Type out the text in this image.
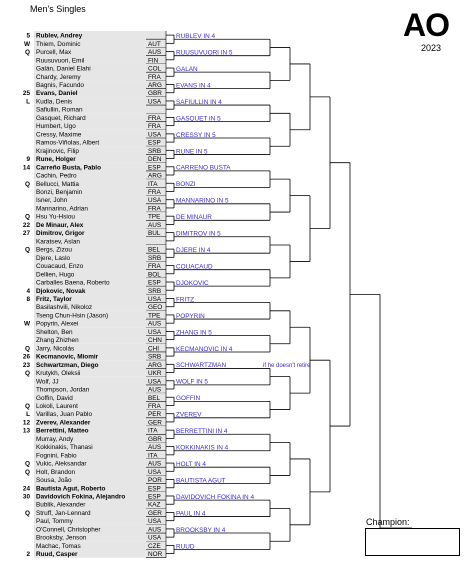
Men's Singles	AO
2023
5 Rublev, Andrey
W Thiem, Dominic	AUT
Q Purcell, Max	AUS
Ruusuvuori, Emil	FIN
Galán, Daniel Elahi	COL
Chardy, Jeremy	FRA
Bagnis, Facundo	ARG
25 Evans, Daniel	GBR
L Kudla, Denis	USA
Safiullin, Roman
Gasquet, Richard	FRA
Humbert, Ugo	FRA
Cressy, Maxime	USA
Ramos-Viñolas, Albert	ESP
Krajinovic, Filip	SRB
9 Rune, Holger	DEN
14 Carreño Busta, Pablo	ESP
Cachin, Pedro	ARG
Q Bellucci, Mattia	ITA
Bonzi, Benjamin	FRA
Isner, John	USA
Mannarino, Adrian	FRA
Q Hsu Yu-Hsiou	TPE
22 De Minaur, Alex	AUS
27 Dimitrov, Grigor	BUL
Karatsev, Aslan
Q Bergs, Zizou	BEL
Djere, Laslo	SRB
Couacaud, Enzo	FRA
Dellien, Hugo	BOL
Carballes Baena, Roberto	ESP
4 Djokovic, Novak	SRB
8 Fritz, Taylor	USA
Basilashvili, Nikoloz	GEO
Tseng Chun-Hsin (Jason)	TPE
W Popyrin, Alexei	AUS
Shelton, Ben	USA
Zhang Zhizhen	CHN
Q Jarry, Nicolás	CHI
26 Kecmanovic, Miomir	SRB
23 Schwartzman, Diego	ARG
Q Krutykh, Oleksii	UKR
Wolf, JJ	USA
Thompson, Jordan	AUS
Goffin, David	BEL
Q Lokoli, Laurent	FRA
L Varillas, Juan Pablo	PER
12 Zverev, Alexander	GER
13 Berrettini, Matteo	ITA
Murray, Andy	GBR
Kokkinakis, Thanasi	AUS
Fognini, Fabio	ITA
Q Vukic, Aleksandar	AUS
Q Holt, Brandon	USA
Sousa, João	POR
24 Bautista Agut, Roberto	ESP
30 Davidovich Fokina, Alejandro	ESP
Bublik, Alexander	KAZ
Q Struff, Jan-Lennard	GER
Paul, Tommy	USA
O'Connell, Christopher	AUS
Brooksby, Jenson	USA
Machac, Tomas	CZE
2 Ruud, Casper	NOR
RUBLEV IN 4
RUUSUVUORI IN 5
GALAN
EVANS IN 4
SAFIULLIN IN 4
GASQUET IN 5
CRESSY IN 5
RUNE IN 5
CARRENO BUSTA
BONZI
MANNARINO IN 5
DE MINAUR
DIMITROV IN 5
DJERE IN 4
COUACAUD
DJOKOVIC
FRITZ
POPYRIN
ZHANG IN 5
KECMANOVIC IN 4
SCHWARTZMAN	if he doesn't retire
WOLF IN 5
GOFFIN
ZVEREV
BERRETTINI IN 4
KOKKINAKIS IN 4
HOLT IN 4
BAUTISTA AGUT
DAVIDOVICH FOKINA IN 4
PAUL IN 4
BROOKSBY IN 4
RUUD
Champion:
